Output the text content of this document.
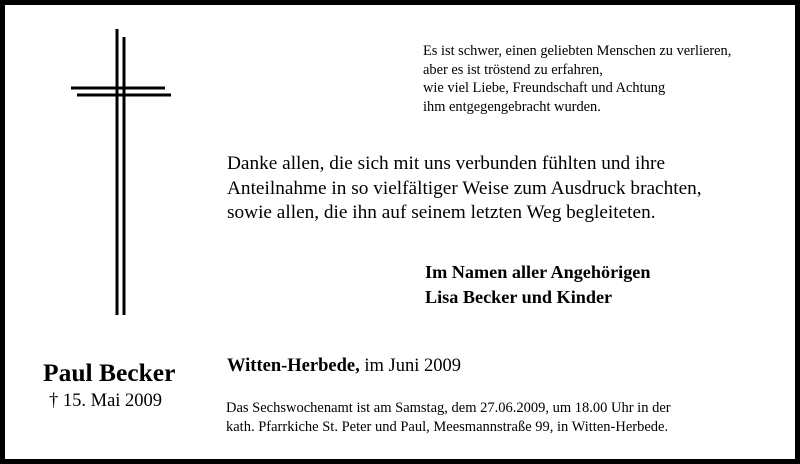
Es ist schwer, einen geliebten Menschen zu verlieren,
aber es ist tröstend zu erfahren,
wie viel Liebe, Freundschaft und Achtung
ihm entgegengebracht wurden.
Danke allen, die sich mit uns verbunden fühlten und ihre
Anteilnahme in so vielfältiger Weise zum Ausdruck brachten,
sowie allen, die ihn auf seinem letzten Weg begleiteten.
Im Namen aller Angehörigen
Lisa Becker und Kinder
Paul Becker
† 15. Mai 2009
Witten-Herbede, im Juni 2009
Das Sechswochenamt ist am Samstag, dem 27.06.2009, um 18.00 Uhr in der
kath. Pfarrkiche St. Peter und Paul, Meesmannstraße 99, in Witten-Herbede.
